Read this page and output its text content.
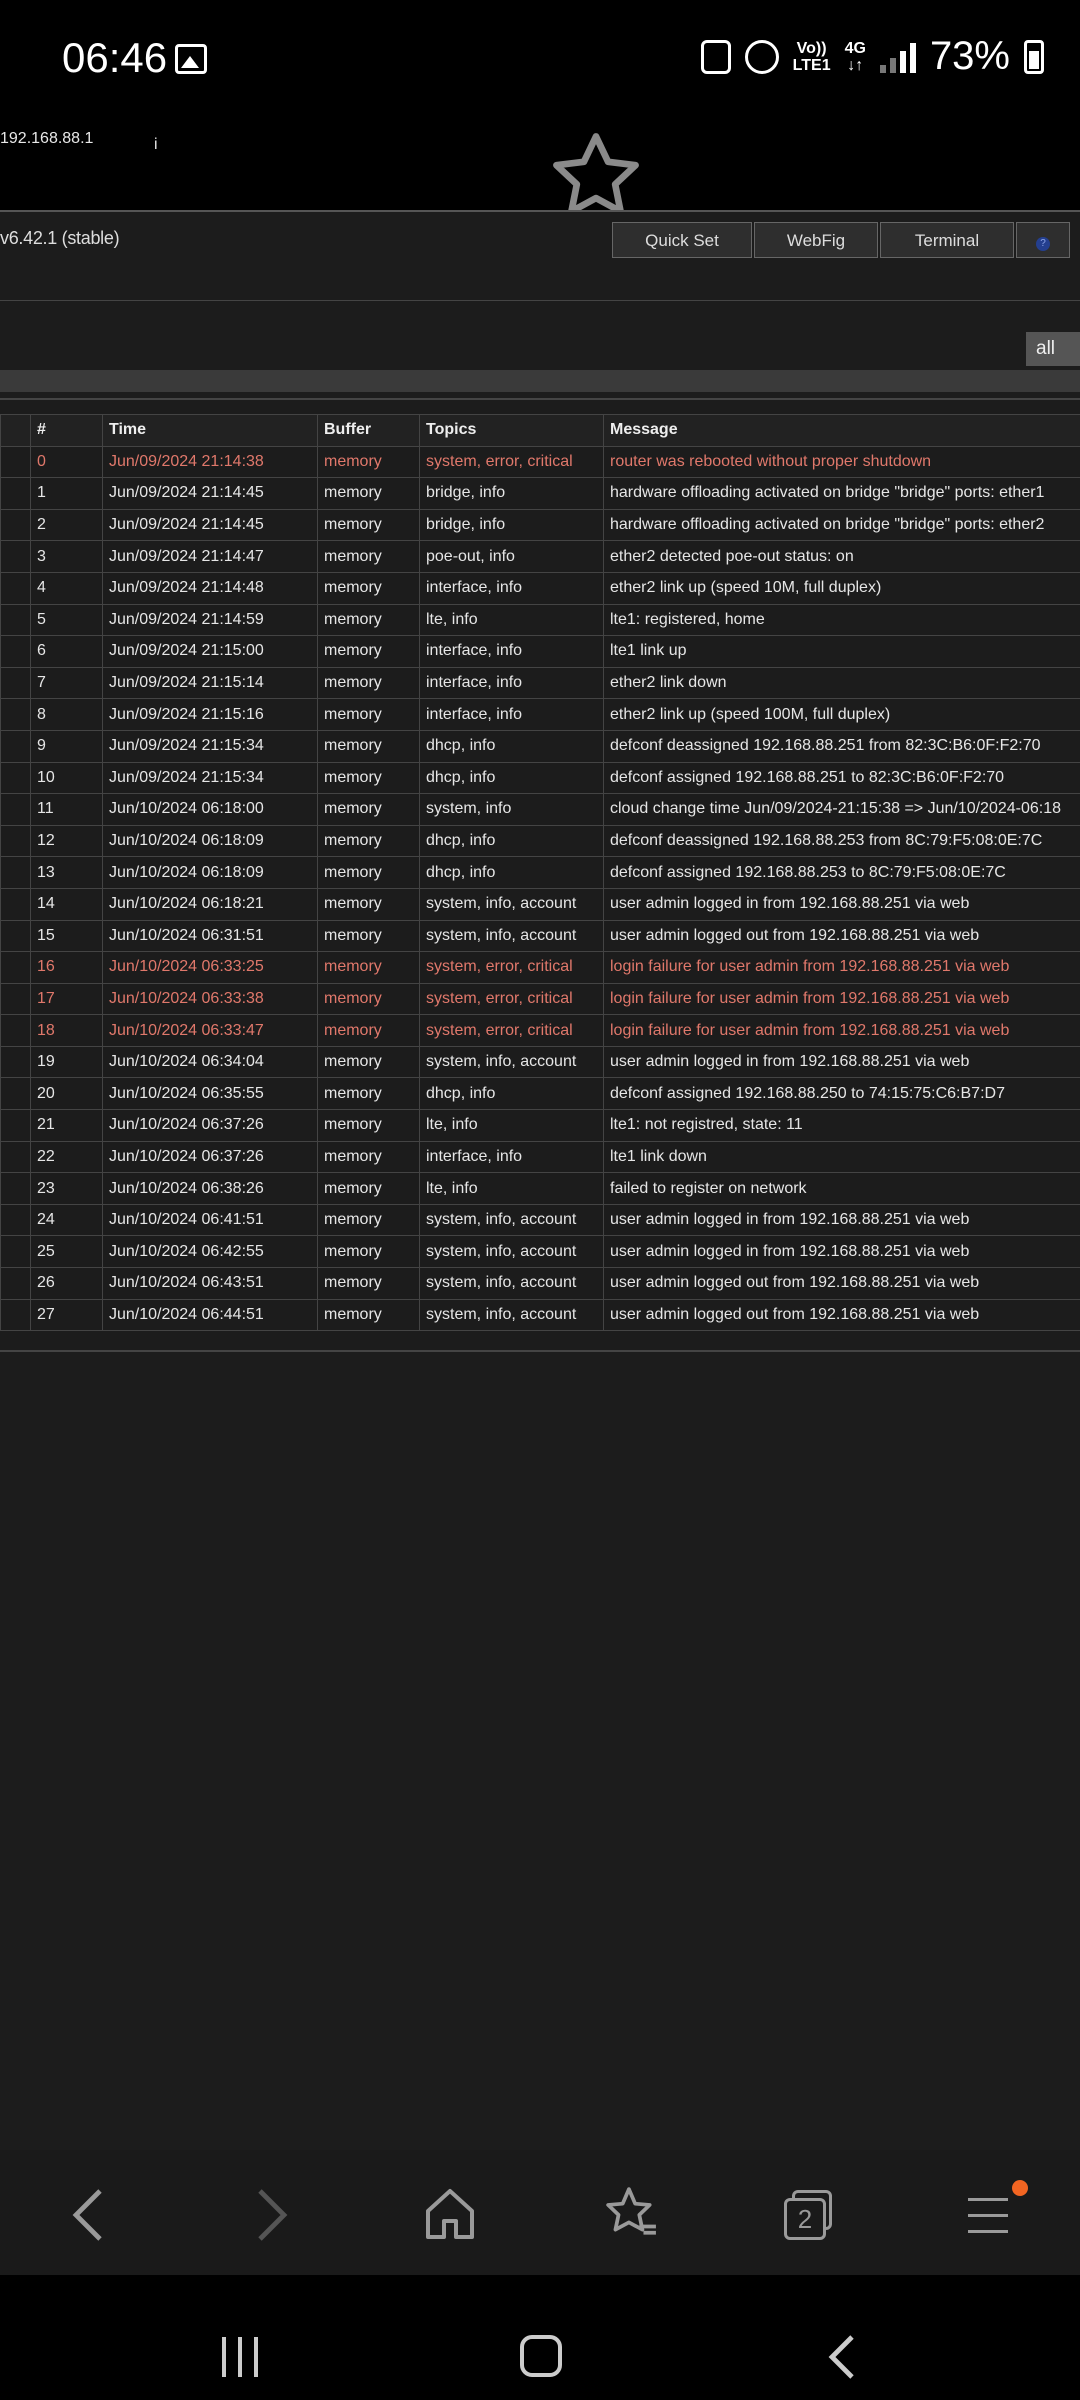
06:46	Vo))
LTE1
4G
↓↑ 73%
i
192.168.88.1
v6.42.1 (stable)	Quick Set	WebFig	Terminal	?
all
	#	Time	Buffer	Topics	Message
	0	Jun/09/2024 21:14:38	memory	system, error, critical	router was rebooted without proper shutdown
	1	Jun/09/2024 21:14:45	memory	bridge, info	hardware offloading activated on bridge "bridge" ports: ether1
	2	Jun/09/2024 21:14:45	memory	bridge, info	hardware offloading activated on bridge "bridge" ports: ether2
	3	Jun/09/2024 21:14:47	memory	poe-out, info	ether2 detected poe-out status: on
	4	Jun/09/2024 21:14:48	memory	interface, info	ether2 link up (speed 10M, full duplex)
	5	Jun/09/2024 21:14:59	memory	lte, info	lte1: registered, home
	6	Jun/09/2024 21:15:00	memory	interface, info	lte1 link up
	7	Jun/09/2024 21:15:14	memory	interface, info	ether2 link down
	8	Jun/09/2024 21:15:16	memory	interface, info	ether2 link up (speed 100M, full duplex)
	9	Jun/09/2024 21:15:34	memory	dhcp, info	defconf deassigned 192.168.88.251 from 82:3C:B6:0F:F2:70
	10	Jun/09/2024 21:15:34	memory	dhcp, info	defconf assigned 192.168.88.251 to 82:3C:B6:0F:F2:70
	11	Jun/10/2024 06:18:00	memory	system, info	cloud change time Jun/09/2024-21:15:38 => Jun/10/2024-06:18
	12	Jun/10/2024 06:18:09	memory	dhcp, info	defconf deassigned 192.168.88.253 from 8C:79:F5:08:0E:7C
	13	Jun/10/2024 06:18:09	memory	dhcp, info	defconf assigned 192.168.88.253 to 8C:79:F5:08:0E:7C
	14	Jun/10/2024 06:18:21	memory	system, info, account	user admin logged in from 192.168.88.251 via web
	15	Jun/10/2024 06:31:51	memory	system, info, account	user admin logged out from 192.168.88.251 via web
	16	Jun/10/2024 06:33:25	memory	system, error, critical	login failure for user admin from 192.168.88.251 via web
	17	Jun/10/2024 06:33:38	memory	system, error, critical	login failure for user admin from 192.168.88.251 via web
	18	Jun/10/2024 06:33:47	memory	system, error, critical	login failure for user admin from 192.168.88.251 via web
	19	Jun/10/2024 06:34:04	memory	system, info, account	user admin logged in from 192.168.88.251 via web
	20	Jun/10/2024 06:35:55	memory	dhcp, info	defconf assigned 192.168.88.250 to 74:15:75:C6:B7:D7
	21	Jun/10/2024 06:37:26	memory	lte, info	lte1: not registred, state: 11
	22	Jun/10/2024 06:37:26	memory	interface, info	lte1 link down
	23	Jun/10/2024 06:38:26	memory	lte, info	failed to register on network
	24	Jun/10/2024 06:41:51	memory	system, info, account	user admin logged in from 192.168.88.251 via web
	25	Jun/10/2024 06:42:55	memory	system, info, account	user admin logged in from 192.168.88.251 via web
	26	Jun/10/2024 06:43:51	memory	system, info, account	user admin logged out from 192.168.88.251 via web
	27	Jun/10/2024 06:44:51	memory	system, info, account	user admin logged out from 192.168.88.251 via web
2
